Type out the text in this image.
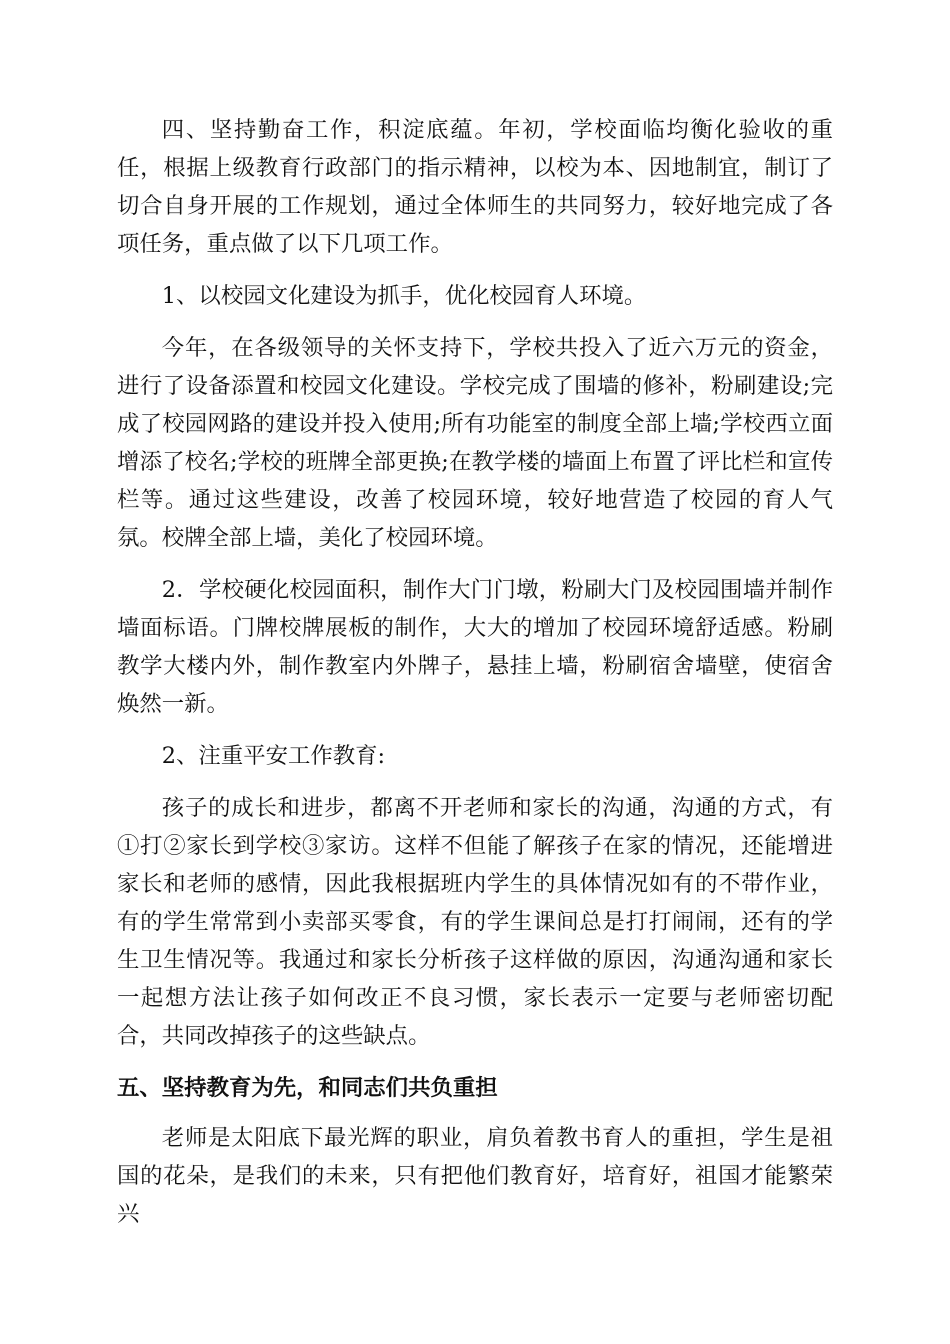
四、坚持勤奋工作，积淀底蕴。年初，学校面临均衡化验收的重任，根据上级教育行政部门的指示精神，以校为本、因地制宜，制订了切合自身开展的工作规划，通过全体师生的共同努力，较好地完成了各项任务，重点做了以下几项工作。

1、以校园文化建设为抓手，优化校园育人环境。

今年，在各级领导的关怀支持下，学校共投入了近六万元的资金，进行了设备添置和校园文化建设。学校完成了围墙的修补，粉刷建设;完成了校园网路的建设并投入使用;所有功能室的制度全部上墙;学校西立面增添了校名;学校的班牌全部更换;在教学楼的墙面上布置了评比栏和宣传栏等。通过这些建设，改善了校园环境，较好地营造了校园的育人气氛。校牌全部上墙，美化了校园环境。

2．学校硬化校园面积，制作大门门墩，粉刷大门及校园围墙并制作墙面标语。门牌校牌展板的制作，大大的增加了校园环境舒适感。粉刷教学大楼内外，制作教室内外牌子，悬挂上墙，粉刷宿舍墙壁，使宿舍焕然一新。

2、注重平安工作教育:

孩子的成长和进步，都离不开老师和家长的沟通，沟通的方式，有①打②家长到学校③家访。这样不但能了解孩子在家的情况，还能增进家长和老师的感情，因此我根据班内学生的具体情况如有的不带作业，有的学生常常到小卖部买零食，有的学生课间总是打打闹闹，还有的学生卫生情况等。我通过和家长分析孩子这样做的原因，沟通沟通和家长一起想方法让孩子如何改正不良习惯，家长表示一定要与老师密切配合，共同改掉孩子的这些缺点。

五、坚持教育为先，和同志们共负重担

老师是太阳底下最光辉的职业，肩负着教书育人的重担，学生是祖国的花朵，是我们的未来，只有把他们教育好，培育好，祖国才能繁荣兴
